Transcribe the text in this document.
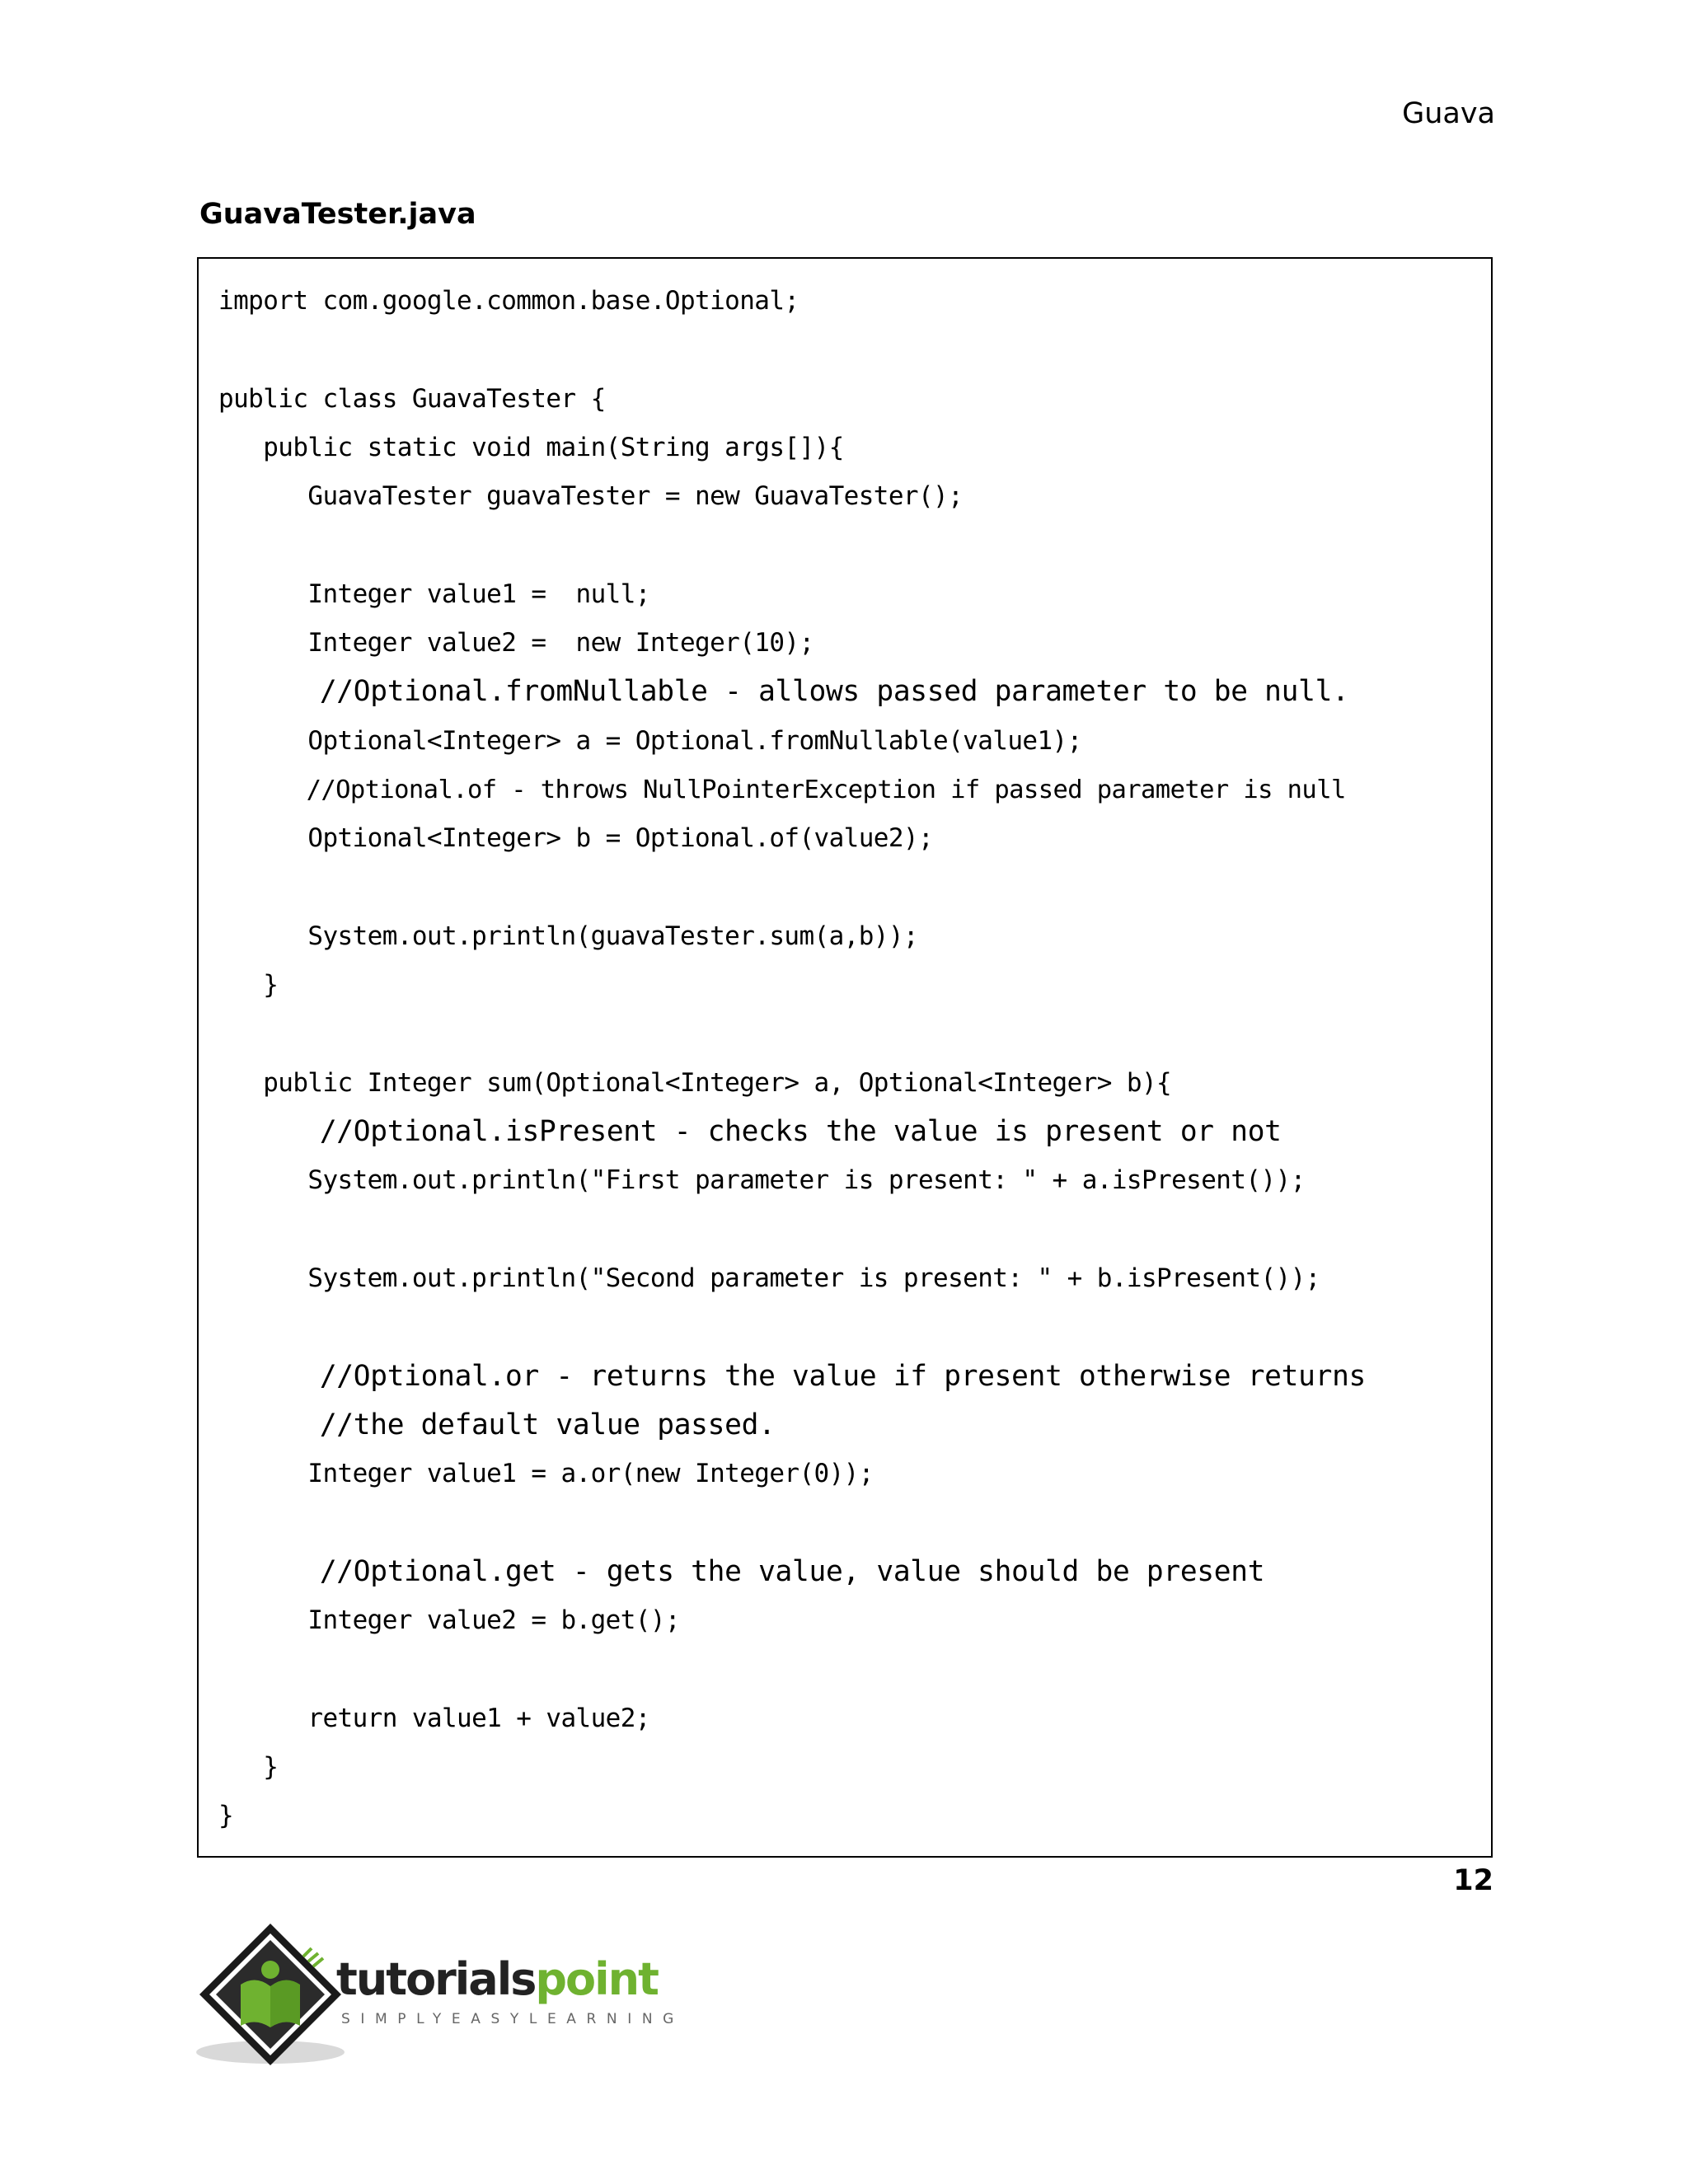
Guava
GuavaTester.java
import com.google.common.base.Optional;
public class GuavaTester {
public static void main(String args[]){
GuavaTester guavaTester = new GuavaTester();
Integer value1 =  null;
Integer value2 =  new Integer(10);
//Optional.fromNullable - allows passed parameter to be null.
Optional<Integer> a = Optional.fromNullable(value1);
//Optional.of - throws NullPointerException if passed parameter is null
Optional<Integer> b = Optional.of(value2);
System.out.println(guavaTester.sum(a,b));
}
public Integer sum(Optional<Integer> a, Optional<Integer> b){
//Optional.isPresent - checks the value is present or not
System.out.println("First parameter is present: " + a.isPresent());
System.out.println("Second parameter is present: " + b.isPresent());
//Optional.or - returns the value if present otherwise returns
//the default value passed.
Integer value1 = a.or(new Integer(0));
//Optional.get - gets the value, value should be present
Integer value2 = b.get();
return value1 + value2;
}
}
12
tutorialspoint
SIMPLYEASYLEARNING
